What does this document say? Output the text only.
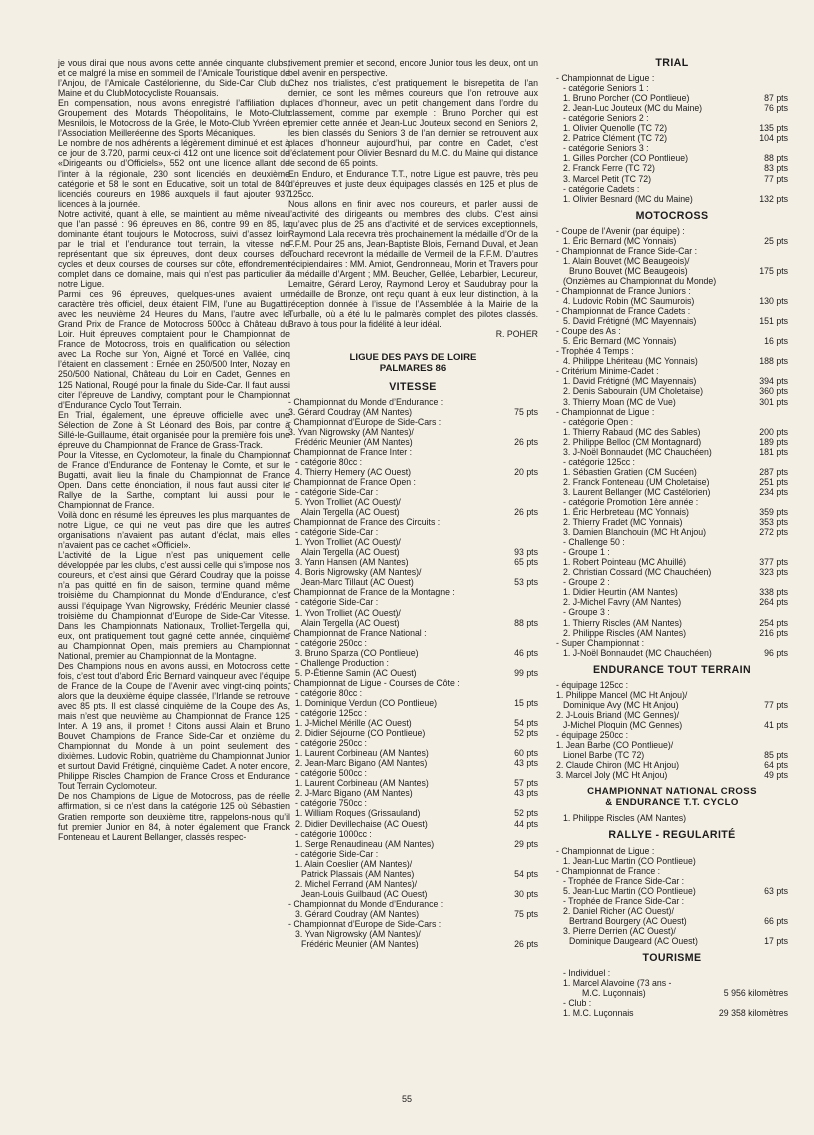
je vous dirai que nous avons cette année cinquante clubs, et ce malgré la mise en sommeil de l’Amicale Touristique de l’Anjou, de l’Amicale Castélorienne, du Side-Car Club du Maine et du ClubMotocycliste Rouansais.

En compensation, nous avons enregistré l’affiliation du Groupement des Motards Théopolitains, le Moto-Club Mesnilois, le Motocross de la Grée, le Moto-Club Yvréen et l’Association Meilleréenne des Sports Mécaniques.

Le nombre de nos adhérents a légèrement diminué et est à ce jour de 3.720, parmi ceux-ci 412 ont une licence soit de «Dirigeants ou d’Officiels», 552 ont une licence allant de l’inter à la régionale, 230 sont licenciés en deuxième catégorie et 58 le sont en Educative, soit un total de 840 licenciés coureurs en 1986 auxquels il faut ajouter 937 licences à la journée.

Notre activité, quant à elle, se maintient au même niveau que l’an passé : 96 épreuves en 86, contre 99 en 85, la dominante étant toujours le Motocross, suivi d’assez loin par le trial et l’endurance tout terrain, la vitesse ne représentant que six épreuves, dont deux courses de cycles et deux courses de courses sur côte, effondrement complet dans ce domaine, mais qui n’est pas particulier à notre Ligue.

Parmi ces 96 épreuves, quelques-unes avaient un caractère très officiel, deux étaient FIM, l’une au Bugatti, avec les neuvième 24 Heures du Mans, l’autre avec le Grand Prix de France de Motocross 500cc à Château du Loir. Huit épreuves comptaient pour le Championnat de France de Motocross, trois en qualification ou sélection avec La Roche sur Yon, Aigné et Torcé en Vallée, cinq l’étaient en classement : Ernée en 250/500 Inter, Nozay en 250/500 National, Château du Loir en Cadet, Gennes en 125 National, Rougé pour la finale du Side-Car. Il faut aussi citer l’épreuve de Landivy, comptant pour le Championnat d’Endurance Cyclo Tout Terrain.

En Trial, également, une épreuve officielle avec une Sélection de Zone à St Léonard des Bois, par contre à Sillé-le-Guillaume, était organisée pour la première fois une épreuve du Championnat de France de Grass-Track.

Pour la Vitesse, en Cyclomoteur, la finale du Championnat de France d’Endurance de Fontenay le Comte, et sur le Bugatti, avait lieu la finale du Championnat de France Open. Dans cette énonciation, il nous faut aussi citer le Rallye de la Sarthe, comptant lui aussi pour le Championnat de France.

Voilà donc en résumé les épreuves les plus marquantes de notre Ligue, ce qui ne veut pas dire que les autres organisations n’avaient pas autant d’éclat, mais elles n’avaient pas ce cachet «Officiel».

L’activité de la Ligue n’est pas uniquement celle développée par les clubs, c’est aussi celle qui s’impose nos coureurs, et c’est ainsi que Gérard Coudray que la poisse n’a pas quitté en fin de saison, termine quand même troisième du Championnat du Monde d’Endurance, c’est aussi l’équipage Yvan Nigrowsky, Frédéric Meunier classé troisième du Championnat d’Europe de Side-Car Vitesse. Dans les Championnats Nationaux, Trolliet-Tergella qui, eux, ont pratiquement tout gagné cette année, cinquième au Championnat Open, mais premiers au Championnat National, premier au Championnat de la Montagne.

Des Champions nous en avons aussi, en Motocross cette fois, c’est tout d’abord Éric Bernard vainqueur avec l’équipe de France de la Coupe de l’Avenir avec vingt-cinq points, alors que la deuxième équipe classée, l’Irlande se retrouve avec 85 pts. Il est classé cinquième de la Coupe des As, mais n’est que neuvième au Championnat de France 125 Inter. A 19 ans, il promet ! Citons aussi Alain et Bruno Bouvet Champions de France Side-Car et onzième du Championnat du Monde à un point seulement des dixièmes. Ludovic Robin, quatrième du Championnat Junior et surtout David Frétigné, cinquième Cadet. A noter encore, Philippe Riscles Champion de France Cross et Endurance Tout Terrain Cyclomoteur.

De nos Champions de Ligue de Motocross, pas de réelle affirmation, si ce n’est dans la catégorie 125 où Sébastien Gratien remporte son deuxième titre, rappelons-nous qu’il fut premier Junior en 84, à noter également que Franck Fonteneau et Laurent Bellanger, classés respec-

tivement premier et second, encore Junior tous les deux, ont un bel avenir en perspective.

Chez nos trialistes, c’est pratiquement le bisrepetita de l’an dernier, ce sont les mêmes coureurs que l’on retrouve aux places d’honneur, avec un petit changement dans l’ordre du classement, comme par exemple : Bruno Porcher qui est premier cette année et Jean-Luc Jouteux second en Seniors 2, les bien classés du Seniors 3 de l’an dernier se retrouvent aux places d’honneur aujourd’hui, par contre en Cadet, c’est l’éclatement pour Olivier Besnard du M.C. du Maine qui distance le second de 65 points.

En Enduro, et Endurance T.T., notre Ligue est pauvre, très peu d’épreuves et juste deux équipages classés en 125 et plus de 125cc.

Nous allons en finir avec nos coureurs, et parler aussi de l’activité des dirigeants ou membres des clubs. C’est ainsi qu’avec plus de 25 ans d’activité et de services exceptionnels, Raymond Lala recevra très prochainement la médaille d’Or de la F.F.M. Pour 25 ans, Jean-Baptiste Blois, Fernand Duval, et Jean Touchard recevront la médaille de Vermeil de la F.F.M. D’autres récipiendaires : MM. Amiot, Gendronneau, Morin et Travers pour la médaille d’Argent ; MM. Beucher, Gellée, Lebarbier, Lecureur, Lemaitre, Gérard Leroy, Raymond Leroy et Saudubray pour la médaille de Bronze, ont reçu quant à eux leur distinction, à la réception donnée à l’issue de l’Assemblée à la Mairie de la Turballe, où a été lu le palmarès complet des pilotes classés. Bravo à tous pour la fidélité à leur idéal.

R. POHER
LIGUE DES PAYS DE LOIRE
PALMARES 86
VITESSE
- Championnat du Monde d’Endurance :
3. Gérard Coudray (AM Nantes)	75 pts
- Championnat d’Europe de Side-Cars :
3. Yvan Nigrowsky (AM Nantes)/
Frédéric Meunier (AM Nantes)	26 pts
- Championnat de France Inter :
- catégorie 80cc :
4. Thierry Hemery (AC Ouest)	20 pts
- Championnat de France Open :
- catégorie Side-Car :
5. Yvon Trolliet (AC Ouest)/
Alain Tergella (AC Ouest)	26 pts
- Championnat de France des Circuits :
- catégorie Side-Car :
1. Yvon Trolliet (AC Ouest)/
Alain Tergella (AC Ouest)	93 pts
3. Yann Hansen (AM Nantes)	65 pts
4. Boris Nigrowsky (AM Nantes)/
Jean-Marc Tillaut (AC Ouest)	53 pts
- Championnat de France de la Montagne :
- catégorie Side-Car :
1. Yvon Trolliet (AC Ouest)/
Alain Tergella (AC Ouest)	88 pts
- Championnat de France National :
- catégorie 250cc :
3. Bruno Sparza (CO Pontlieue)	46 pts
- Challenge Production :
5. P-Étienne Samin (AC Ouest)	99 pts
- Championnat de Ligue - Courses de Côte :
- catégorie 80cc :
1. Dominique Verdun (CO Pontlieue)	15 pts
- catégorie 125cc :
1. J-Michel Mérille (AC Ouest)	54 pts
2. Didier Séjourne (CO Pontlieue)	52 pts
- catégorie 250cc :
1. Laurent Corbineau (AM Nantes)	60 pts
2. Jean-Marc Bigano (AM Nantes)	43 pts
- catégorie 500cc :
1. Laurent Corbineau (AM Nantes)	57 pts
2. J-Marc Bigano (AM Nantes)	43 pts
- catégorie 750cc :
1. William Roques (Grissauland)	52 pts
2. Didier Devillechaise (AC Ouest)	44 pts
- catégorie 1000cc :
1. Serge Renaudineau (AM Nantes)	29 pts
- catégorie Side-Car :
1. Alain Coeslier (AM Nantes)/
Patrick Plassais (AM Nantes)	54 pts
2. Michel Ferrand (AM Nantes)/
Jean-Louis Guilbaud (AC Ouest)	30 pts
- Championnat du Monde d’Endurance :
3. Gérard Coudray (AM Nantes)	75 pts
- Championnat d’Europe de Side-Cars :
3. Yvan Nigrowsky (AM Nantes)/
Frédéric Meunier (AM Nantes)	26 pts
TRIAL
- Championnat de Ligue :
- catégorie Seniors 1 :
1. Bruno Porcher (CO Pontlieue)	87 pts
2. Jean-Luc Jouteux (MC du Maine)	76 pts
- catégorie Seniors 2 :
1. Olivier Quenolle (TC 72)	135 pts
2. Patrice Clément (TC 72)	104 pts
- catégorie Seniors 3 :
1. Gilles Porcher (CO Pontlieue)	88 pts
2. Franck Ferre (TC 72)	83 pts
3. Marcel Petit (TC 72)	77 pts
- catégorie Cadets :
1. Olivier Besnard (MC du Maine)	132 pts
MOTOCROSS
- Coupe de l’Avenir (par équipe) :
1. Éric Bernard (MC Yonnais)	25 pts
- Championnat de France Side-Car :
1. Alain Bouvet (MC Beaugeois)/
Bruno Bouvet (MC Beaugeois)	175 pts
(Onzièmes au Championnat du Monde)
- Championnat de France Juniors :
4. Ludovic Robin (MC Saumurois)	130 pts
- Championnat de France Cadets :
5. David Frétigné (MC Mayennais)	151 pts
- Coupe des As :
5. Éric Bernard (MC Yonnais)	16 pts
- Trophée 4 Temps :
4. Philippe Lhériteau (MC Yonnais)	188 pts
- Critérium Minime-Cadet :
1. David Frétigné (MC Mayennais)	394 pts
2. Denis Sabourain (UM Choletaise)	360 pts
3. Thierry Moan (MC de Vue)	301 pts
- Championnat de Ligue :
- catégorie Open :
1. Thierry Rabaud (MC des Sables)	200 pts
2. Philippe Belloc (CM Montagnard)	189 pts
3. J-Noël Bonnaudet (MC Chauchéen)	181 pts
- catégorie 125cc :
1. Sébastien Gratien (CM Sucéen)	287 pts
2. Franck Fonteneau (UM Choletaise)	251 pts
3. Laurent Bellanger (MC Castélorien)	234 pts
- catégorie Promotion 1ère année :
1. Éric Herbreteau (MC Yonnais)	359 pts
2. Thierry Fradet (MC Yonnais)	353 pts
3. Damien Blanchouin (MC Ht Anjou)	272 pts
- Challenge 50 :
- Groupe 1 :
1. Robert Pointeau (MC Ahuillé)	377 pts
2. Christian Cossard (MC Chauchéen)	323 pts
- Groupe 2 :
1. Didier Heurtin (AM Nantes)	338 pts
2. J-Michel Favry (AM Nantes)	264 pts
- Groupe 3 :
1. Thierry Riscles (AM Nantes)	254 pts
2. Philippe Riscles (AM Nantes)	216 pts
- Super Championnat :
1. J-Noël Bonnaudet (MC Chauchéen)	96 pts
ENDURANCE TOUT TERRAIN
- équipage 125cc :
1. Philippe Mancel (MC Ht Anjou)/
Dominique Avy (MC Ht Anjou)	77 pts
2. J-Louis Briand (MC Gennes)/
J-Michel Ploquin (MC Gennes)	41 pts
- équipage 250cc :
1. Jean Barbe (CO Pontlieue)/
Lionel Barbe (TC 72)	85 pts
2. Claude Chiron (MC Ht Anjou)	64 pts
3. Marcel Joly (MC Ht Anjou)	49 pts
CHAMPIONNAT NATIONAL CROSS
& ENDURANCE T.T. CYCLO
1. Philippe Riscles (AM Nantes)
RALLYE - REGULARITÉ
- Championnat de Ligue :
1. Jean-Luc Martin (CO Pontlieue)
- Championnat de France :
- Trophée de France Side-Car :
5. Jean-Luc Martin (CO Pontlieue)	63 pts
- Trophée de France Side-Car :
2. Daniel Richer (AC Ouest)/
Bertrand Bourgery (AC Ouest)	66 pts
3. Pierre Derrien (AC Ouest)/
Dominique Daugeard (AC Ouest)	17 pts
TOURISME
- Individuel :
1. Marcel Alavoine (73 ans -
M.C. Luçonnais)	5 956 kilomètres
- Club :
1. M.C. Luçonnais	29 358 kilomètres
55
